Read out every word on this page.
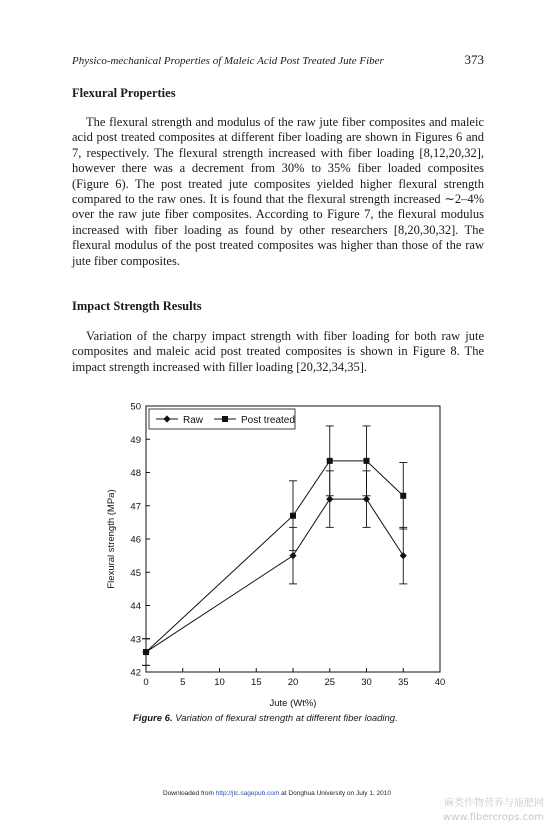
Physico-mechanical Properties of Maleic Acid Post Treated Jute Fiber	373
Flexural Properties

The flexural strength and modulus of the raw jute fiber composites and maleic acid post treated composites at different fiber loading are shown in Figures 6 and 7, respectively. The flexural strength increased with fiber loading [8,12,20,32], however there was a decrement from 30% to 35% fiber loaded composites (Figure 6). The post treated jute composites yielded higher flexural strength compared to the raw ones. It is found that the flexural strength increased ∼2–4% over the raw jute fiber composites. According to Figure 7, the flexural modulus increased with fiber loading as found by other researchers [8,20,30,32]. The flexural modulus of the post treated composites was higher than those of the raw jute fiber composites.

Impact Strength Results

Variation of the charpy impact strength with fiber loading for both raw jute composites and maleic acid post treated composites is shown in Figure 8. The impact strength increased with filler loading [20,32,34,35].

0	5	10	15	20	25	30	35	40
42
43
44
45
46
47
48
49
50
Jute (Wt%)
Flexural strength (MPa)
Raw	Post treated
Figure 6. Variation of flexural strength at different fiber loading.
Downloaded from http://jtc.sagepub.com at Donghua University on July 1, 2010
麻类作物营养与施肥网
www.fibercrops.com
